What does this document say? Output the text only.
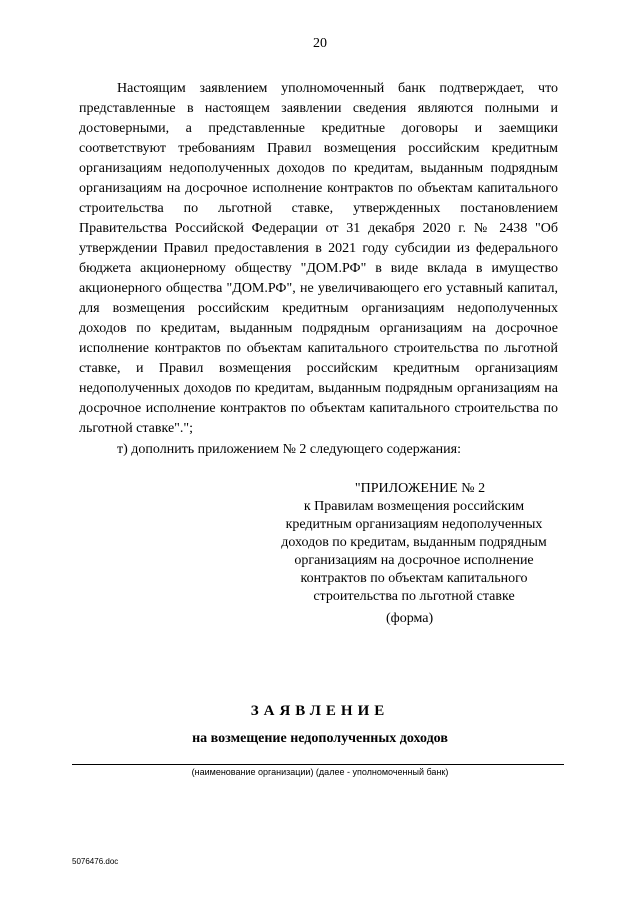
20

Настоящим заявлением уполномоченный банк подтверждает, что представленные в настоящем заявлении сведения являются полными и достоверными, а представленные кредитные договоры и заемщики соответствуют требованиям Правил возмещения российским кредитным организациям недополученных доходов по кредитам, выданным подрядным организациям на досрочное исполнение контрактов по объектам капитального строительства по льготной ставке, утвержденных постановлением Правительства Российской Федерации от 31 декабря 2020 г. № 2438 "Об утверждении Правил предоставления в 2021 году субсидии из федерального бюджета акционерному обществу "ДОМ.РФ" в виде вклада в имущество акционерного общества "ДОМ.РФ", не увеличивающего его уставный капитал, для возмещения российским кредитным организациям недополученных доходов по кредитам, выданным подрядным организациям на досрочное исполнение контрактов по объектам капитального строительства по льготной ставке, и Правил возмещения российским кредитным организациям недополученных доходов по кредитам, выданным подрядным организациям на досрочное исполнение контрактов по объектам капитального строительства по льготной ставке".";

т) дополнить приложением № 2 следующего содержания:

"ПРИЛОЖЕНИЕ № 2
к Правилам возмещения российским
кредитным организациям недополученных
доходов по кредитам, выданным подрядным
организациям на досрочное исполнение
контрактов по объектам капитального
строительства по льготной ставке
(форма)
ЗАЯВЛЕНИЕ
на возмещение недополученных доходов
(наименование организации) (далее - уполномоченный банк)
5076476.doc
